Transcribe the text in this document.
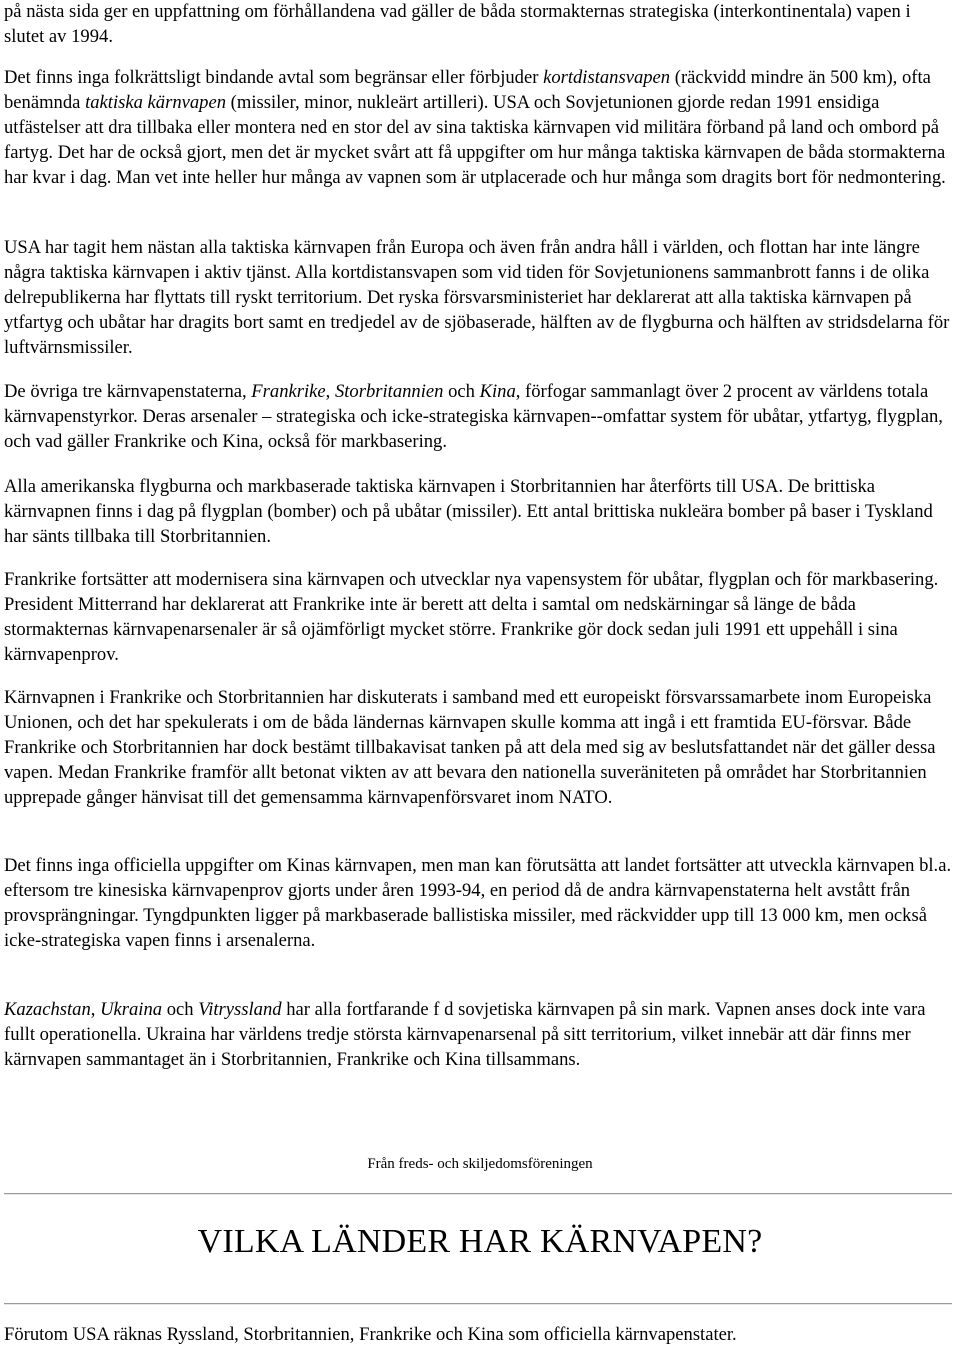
på nästa sida ger en uppfattning om förhållandena vad gäller de båda stormakternas strategiska (interkontinentala) vapen i slutet av 1994.

Det finns inga folkrättsligt bindande avtal som begränsar eller förbjuder kortdistansvapen (räckvidd mindre än 500 km), ofta benämnda taktiska kärnvapen (missiler, minor, nukleärt artilleri). USA och Sovjetunionen gjorde redan 1991 ensidiga utfästelser att dra tillbaka eller montera ned en stor del av sina taktiska kärnvapen vid militära förband på land och ombord på fartyg. Det har de också gjort, men det är mycket svårt att få uppgifter om hur många taktiska kärnvapen de båda stormakterna har kvar i dag. Man vet inte heller hur många av vapnen som är utplacerade och hur många som dragits bort för nedmontering.

USA har tagit hem nästan alla taktiska kärnvapen från Europa och även från andra håll i världen, och flottan har inte längre några taktiska kärnvapen i aktiv tjänst. Alla kortdistansvapen som vid tiden för Sovjetunionens sammanbrott fanns i de olika delrepublikerna har flyttats till ryskt territorium. Det ryska försvarsministeriet har deklarerat att alla taktiska kärnvapen på ytfartyg och ubåtar har dragits bort samt en tredjedel av de sjöbaserade, hälften av de flygburna och hälften av stridsdelarna för luftvärnsmissiler.

De övriga tre kärnvapenstaterna, Frankrike, Storbritannien och Kina, förfogar sammanlagt över 2 procent av världens totala kärnvapenstyrkor. Deras arsenaler – strategiska och icke-strategiska kärnvapen--omfattar system för ubåtar, ytfartyg, flygplan, och vad gäller Frankrike och Kina, också för markbasering.

Alla amerikanska flygburna och markbaserade taktiska kärnvapen i Storbritannien har återförts till USA. De brittiska kärnvapnen finns i dag på flygplan (bomber) och på ubåtar (missiler). Ett antal brittiska nukleära bomber på baser i Tyskland har sänts tillbaka till Storbritannien.

Frankrike fortsätter att modernisera sina kärnvapen och utvecklar nya vapensystem för ubåtar, flygplan och för markbasering. President Mitterrand har deklarerat att Frankrike inte är berett att delta i samtal om nedskärningar så länge de båda stormakternas kärnvapenarsenaler är så ojämförligt mycket större. Frankrike gör dock sedan juli 1991 ett uppehåll i sina kärnvapenprov.

Kärnvapnen i Frankrike och Storbritannien har diskuterats i samband med ett europeiskt försvarssamarbete inom Europeiska Unionen, och det har spekulerats i om de båda ländernas kärnvapen skulle komma att ingå i ett framtida EU-försvar. Både Frankrike och Storbritannien har dock bestämt tillbakavisat tanken på att dela med sig av beslutsfattandet när det gäller dessa vapen. Medan Frankrike framför allt betonat vikten av att bevara den nationella suveräniteten på området har Storbritannien upprepade gånger hänvisat till det gemensamma kärnvapenförsvaret inom NATO.

Det finns inga officiella uppgifter om Kinas kärnvapen, men man kan förutsätta att landet fortsätter att utveckla kärnvapen bl.a. eftersom tre kinesiska kärnvapenprov gjorts under åren 1993-94, en period då de andra kärnvapenstaterna helt avstått från provsprängningar. Tyngdpunkten ligger på markbaserade ballistiska missiler, med räckvidder upp till 13 000 km, men också icke-strategiska vapen finns i arsenalerna.

Kazachstan, Ukraina och Vitryssland har alla fortfarande f d sovjetiska kärnvapen på sin mark. Vapnen anses dock inte vara fullt operationella. Ukraina har världens tredje största kärnvapenarsenal på sitt territorium, vilket innebär att där finns mer kärnvapen sammantaget än i Storbritannien, Frankrike och Kina tillsammans.

Från freds- och skiljedomsföreningen
VILKA LÄNDER HAR KÄRNVAPEN?

Förutom USA räknas Ryssland, Storbritannien, Frankrike och Kina som officiella kärnvapenstater.
